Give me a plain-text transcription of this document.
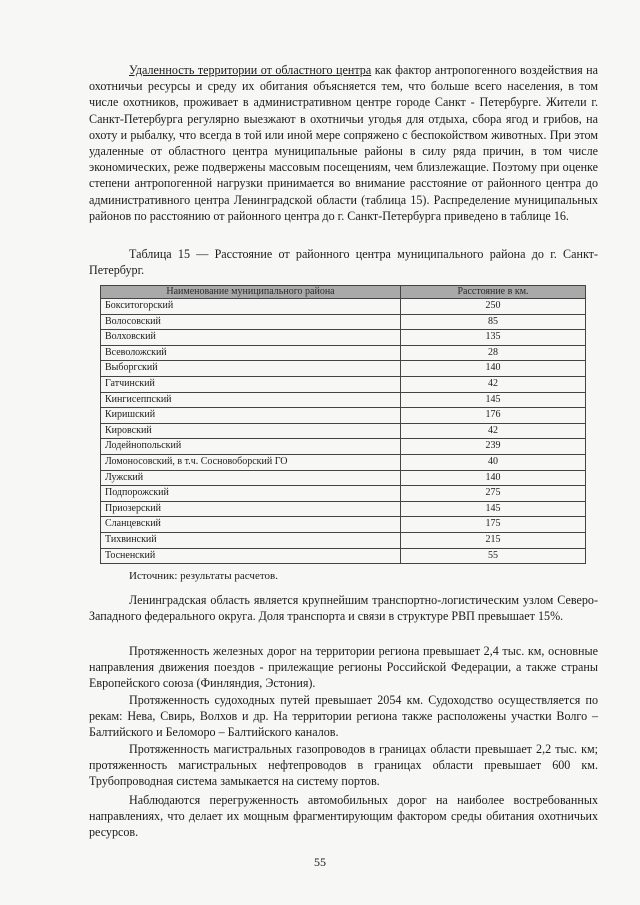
Удаленность территории от областного центра как фактор антропогенного воздействия на охотничьи ресурсы и среду их обитания объясняется тем, что больше всего населения, в том числе охотников, проживает в административном центре городе Санкт - Петербурге. Жители г. Санкт-Петербурга регулярно выезжают в охотничьи угодья для отдыха, сбора ягод и грибов, на охоту и рыбалку, что всегда в той или иной мере сопряжено с беспокойством животных. При этом удаленные от областного центра муниципальные районы в силу ряда причин, в том числе экономических, реже подвержены массовым посещениям, чем близлежащие. Поэтому при оценке степени антропогенной нагрузки принимается во внимание расстояние от районного центра до административного центра Ленинградской области (таблица 15). Распределение муниципальных районов по расстоянию от районного центра до г. Санкт-Петербурга приведено в таблице 16.

Таблица 15 — Расстояние от районного центра муниципального района до г. Санкт-Петербург.

Наименование муниципального района	Расстояние в км.
Бокситогорский	250
Волосовский	85
Волховский	135
Всеволожский	28
Выборгский	140
Гатчинский	42
Кингисеппский	145
Киришский	176
Кировский	42
Лодейнопольский	239
Ломоносовский, в т.ч. Сосновоборский ГО	40
Лужский	140
Подпорожский	275
Приозерский	145
Сланцевский	175
Тихвинский	215
Тосненский	55
Источник: результаты расчетов.

Ленинградская область является крупнейшим транспортно-логистическим узлом Северо-Западного федерального округа. Доля транспорта и связи в структуре РВП превышает 15%.

Протяженность железных дорог на территории региона превышает 2,4 тыс. км, основные направления движения поездов - прилежащие регионы Российской Федерации, а также страны Европейского союза (Финляндия, Эстония).

Протяженность судоходных путей превышает 2054 км. Судоходство осуществляется по рекам: Нева, Свирь, Волхов и др. На территории региона также расположены участки Волго – Балтийского и Беломоро – Балтийского каналов.

Протяженность магистральных газопроводов в границах области превышает 2,2 тыс. км; протяженность магистральных нефтепроводов в границах области превышает 600 км. Трубопроводная система замыкается на систему портов.

Наблюдаются перегруженность автомобильных дорог на наиболее востребованных направлениях, что делает их мощным фрагментирующим фактором среды обитания охотничьих ресурсов.

55
